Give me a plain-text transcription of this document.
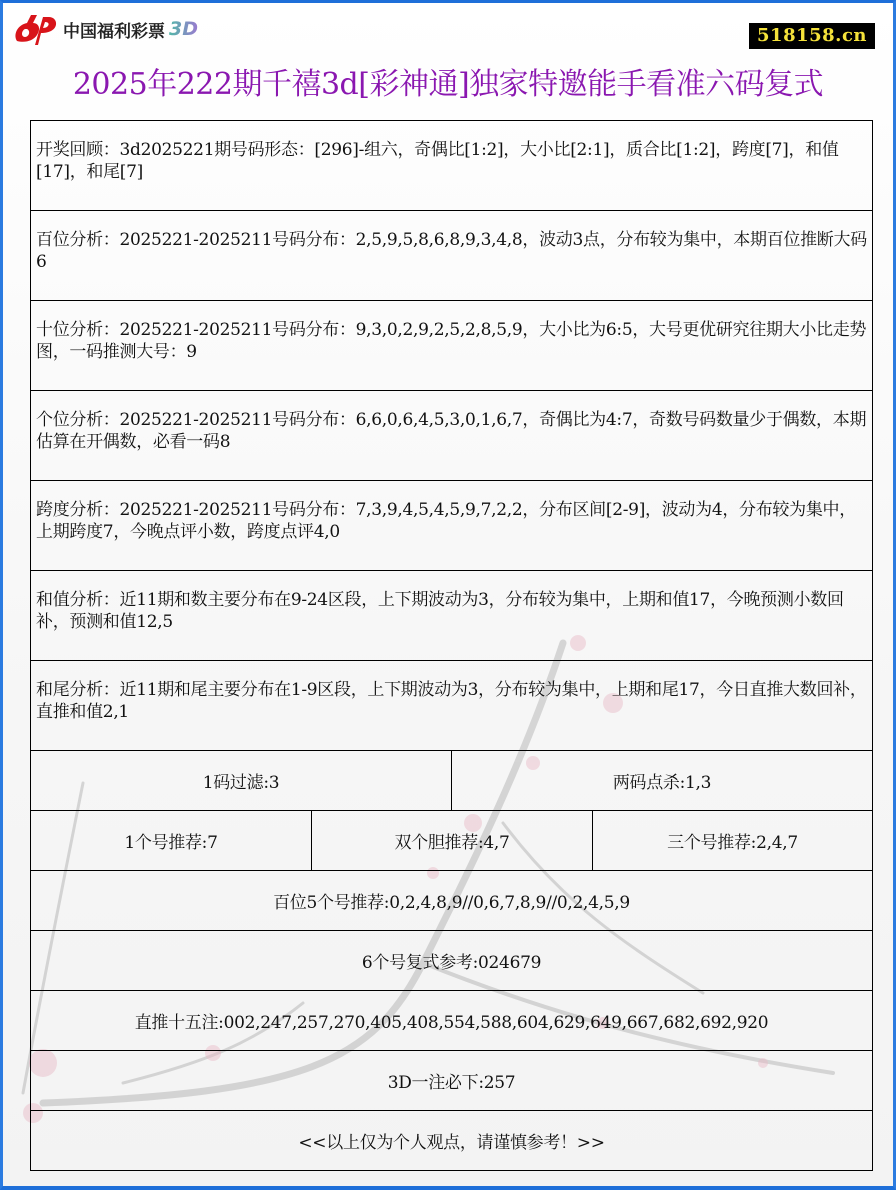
中国福利彩票 3D	518158.cn
2025年222期千禧3d[彩神通]独家特邀能手看准六码复式
开奖回顾：3d2025221期号码形态：[296]-组六，奇偶比[1:2]，大小比[2:1]，质合比[1:2]，跨度[7]，和值[17]，和尾[7]
百位分析：2025221-2025211号码分布：2,5,9,5,8,6,8,9,3,4,8，波动3点，分布较为集中，本期百位推断大码6
十位分析：2025221-2025211号码分布：9,3,0,2,9,2,5,2,8,5,9，大小比为6:5，大号更优研究往期大小比走势图，一码推测大号：9
个位分析：2025221-2025211号码分布：6,6,0,6,4,5,3,0,1,6,7，奇偶比为4:7，奇数号码数量少于偶数，本期估算在开偶数，必看一码8
跨度分析：2025221-2025211号码分布：7,3,9,4,5,4,5,9,7,2,2，分布区间[2-9]，波动为4，分布较为集中，上期跨度7，今晚点评小数，跨度点评4,0
和值分析：近11期和数主要分布在9-24区段，上下期波动为3，分布较为集中，上期和值17，今晚预测小数回补，预测和值12,5
和尾分析：近11期和尾主要分布在1-9区段，上下期波动为3，分布较为集中，上期和尾17，今日直推大数回补，直推和值2,1
1码过滤:3	两码点杀:1,3
1个号推荐:7	双个胆推荐:4,7	三个号推荐:2,4,7
百位5个号推荐:0,2,4,8,9//0,6,7,8,9//0,2,4,5,9
6个号复式参考:024679
直推十五注:002,247,257,270,405,408,554,588,604,629,649,667,682,692,920
3D一注必下:257
<<以上仅为个人观点，请谨慎参考！>>
